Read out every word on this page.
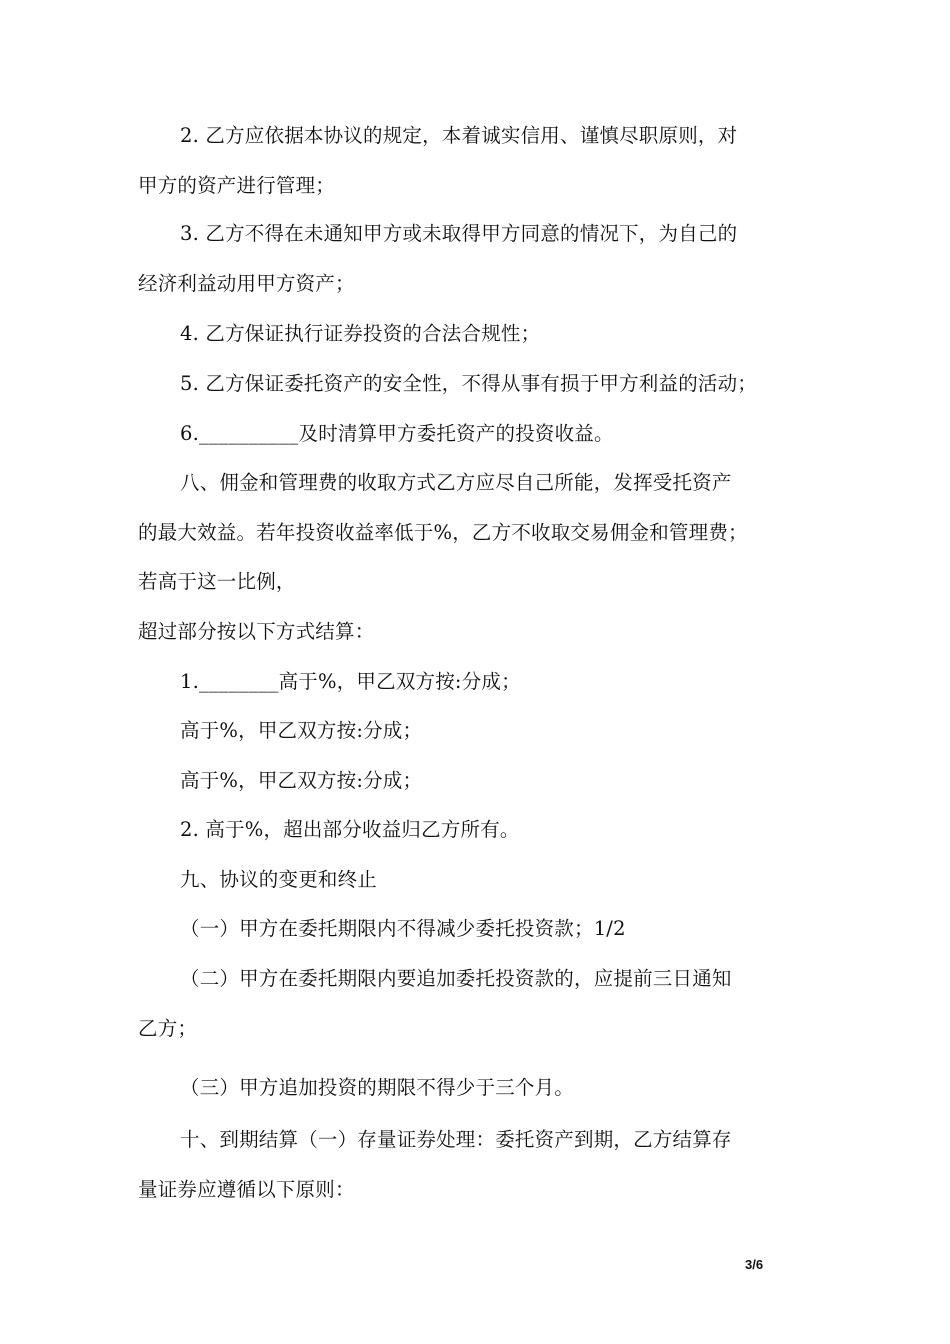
2. 乙方应依据本协议的规定，本着诚实信用、谨慎尽职原则，对
甲方的资产进行管理；
3. 乙方不得在未通知甲方或未取得甲方同意的情况下，为自己的
经济利益动用甲方资产；
4. 乙方保证执行证券投资的合法合规性；
5. 乙方保证委托资产的安全性，不得从事有损于甲方利益的活动；
6.__________及时清算甲方委托资产的投资收益。
八、佣金和管理费的收取方式乙方应尽自己所能，发挥受托资产
的最大效益。若年投资收益率低于%，乙方不收取交易佣金和管理费；
若高于这一比例，
超过部分按以下方式结算：
1.________高于%，甲乙双方按:分成；
高于%，甲乙双方按:分成；
高于%，甲乙双方按:分成；
2. 高于%，超出部分收益归乙方所有。
九、协议的变更和终止
（一）甲方在委托期限内不得减少委托投资款；1/2
（二）甲方在委托期限内要追加委托投资款的，应提前三日通知
乙方；
（三）甲方追加投资的期限不得少于三个月。
十、到期结算（一）存量证券处理：委托资产到期，乙方结算存
量证券应遵循以下原则：
3/6
